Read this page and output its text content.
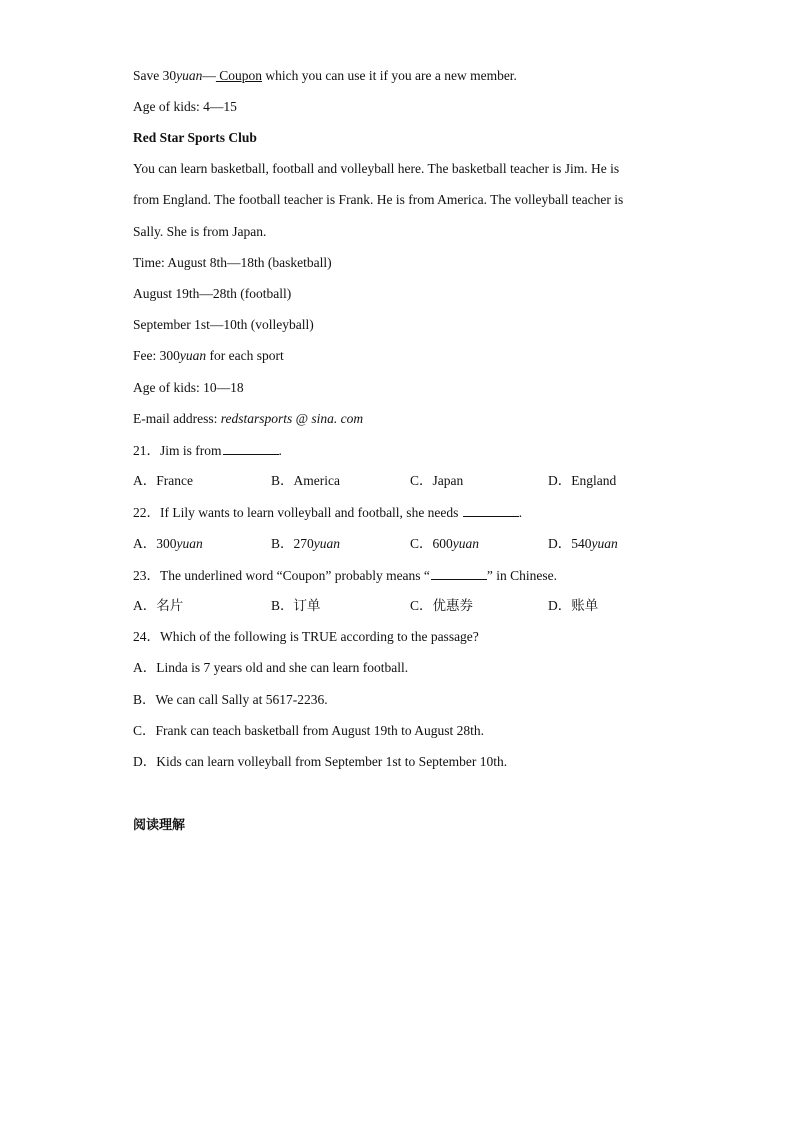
Save 30yuan— Coupon which you can use it if you are a new member.
Age of kids: 4—15
Red Star Sports Club
You can learn basketball, football and volleyball here. The basketball teacher is Jim. He is
from England. The football teacher is Frank. He is from America. The volleyball teacher is
Sally. She is from Japan.
Time: August 8th—18th (basketball)
August 19th—28th (football)
September 1st—10th (volleyball)
Fee: 300yuan for each sport
Age of kids: 10—18
E-mail address: redstarsports @ sina. com
21．Jim is from	.
A．France	B．America	C．Japan	D．England
22．If Lily wants to learn volleyball and football, she needs	.
A．300yuan	B．270yuan	C．600yuan	D．540yuan
23．The underlined word “Coupon” probably means “	” in Chinese.
A．名片	B．订单	C．优惠券	D．账单
24．Which of the following is TRUE according to the passage?
A．Linda is 7 years old and she can learn football.
B．We can call Sally at 5617-2236.
C．Frank can teach basketball from August 19th to August 28th.
D．Kids can learn volleyball from September 1st to September 10th.
阅读理解
